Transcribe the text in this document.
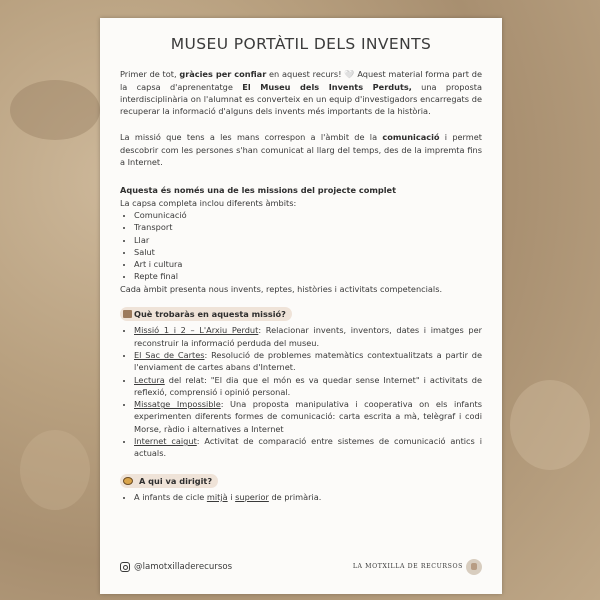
MUSEU PORTÀTIL DELS INVENTS

Primer de tot, gràcies per confiar en aquest recurs! 🤍 Aquest material forma part de la capsa d'aprenentatge El Museu dels Invents Perduts, una proposta interdisciplinària on l'alumnat es converteix en un equip d'investigadors encarregats de recuperar la informació d'alguns dels invents més importants de la història.

La missió que tens a les mans correspon a l'àmbit de la comunicació i permet descobrir com les persones s'han comunicat al llarg del temps, des de la impremta fins a Internet.

Aquesta és només una de les missions del projecte complet
La capsa completa inclou diferents àmbits:
• Comunicació
• Transport
• Llar
• Salut
• Art i cultura
• Repte final
Cada àmbit presenta nous invents, reptes, històries i activitats competencials.
Què trobaràs en aquesta missió?
• Missió 1 i 2 – L'Arxiu Perdut: Relacionar invents, inventors, dates i imatges per reconstruir la informació perduda del museu.
• El Sac de Cartes: Resolució de problemes matemàtics contextualitzats a partir de l'enviament de cartes abans d'Internet.
• Lectura del relat: "El dia que el món es va quedar sense Internet" i activitats de reflexió, comprensió i opinió personal.
• Missatge Impossible: Una proposta manipulativa i cooperativa on els infants experimenten diferents formes de comunicació: carta escrita a mà, telègraf i codi Morse, ràdio i alternatives a Internet
• Internet caigut: Activitat de comparació entre sistemes de comunicació antics i actuals.
A qui va dirigit?
• A infants de cicle mitjà i superior de primària.
@lamotxilladerecursos	LA MOTXILLA DE RECURSOS
